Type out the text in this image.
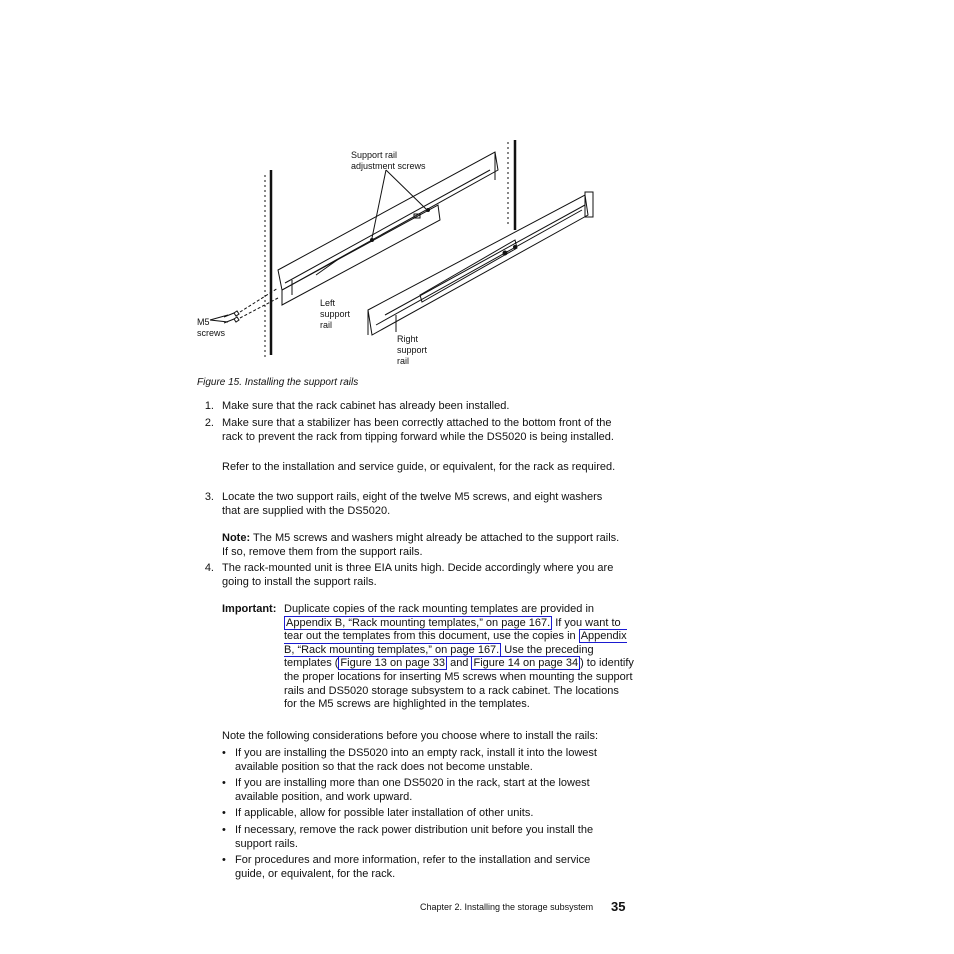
Support rail
adjustment screws
M5
screws
Left
support
rail
Right
support
rail
Figure 15. Installing the support rails
1. Make sure that the rack cabinet has already been installed.
2. Make sure that a stabilizer has been correctly attached to the bottom front of the rack to prevent the rack from tipping forward while the DS5020 is being installed.
Refer to the installation and service guide, or equivalent, for the rack as required.
3. Locate the two support rails, eight of the twelve M5 screws, and eight washers that are supplied with the DS5020.
Note: The M5 screws and washers might already be attached to the support rails. If so, remove them from the support rails.
4. The rack-mounted unit is three EIA units high. Decide accordingly where you are going to install the support rails.
Important: Duplicate copies of the rack mounting templates are provided in Appendix B, “Rack mounting templates,” on page 167. If you want to tear out the templates from this document, use the copies in Appendix B, “Rack mounting templates,” on page 167. Use the preceding templates ( Figure 13 on page 33 and Figure 14 on page 34 ) to identify the proper locations for inserting M5 screws when mounting the support rails and DS5020 storage subsystem to a rack cabinet. The locations for the M5 screws are highlighted in the templates.
Note the following considerations before you choose where to install the rails:
• If you are installing the DS5020 into an empty rack, install it into the lowest available position so that the rack does not become unstable.
• If you are installing more than one DS5020 in the rack, start at the lowest available position, and work upward.
• If applicable, allow for possible later installation of other units.
• If necessary, remove the rack power distribution unit before you install the support rails.
• For procedures and more information, refer to the installation and service guide, or equivalent, for the rack.
Chapter 2. Installing the storage subsystem 35
